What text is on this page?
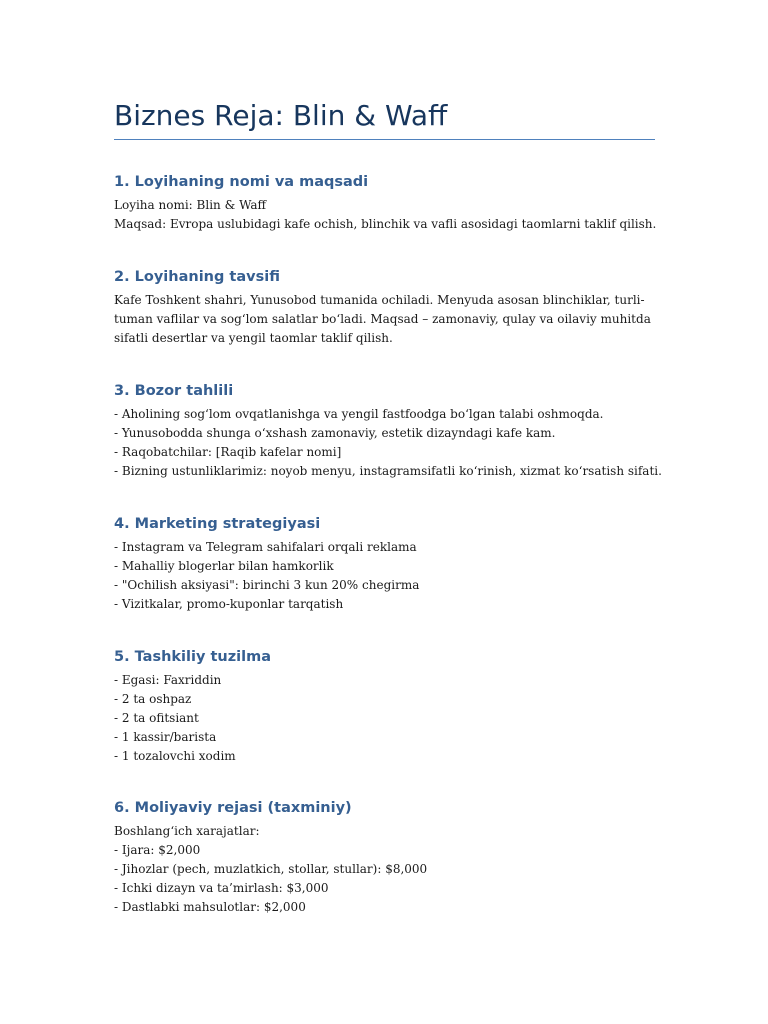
Biznes Reja: Blin & Waff
1. Loyihaning nomi va maqsadi
Loyiha nomi: Blin & Waff
Maqsad: Evropa uslubidagi kafe ochish, blinchik va vafli asosidagi taomlarni taklif qilish.
2. Loyihaning tavsifi
Kafe Toshkent shahri, Yunusobod tumanida ochiladi. Menyuda asosan blinchiklar, turli-
tuman vaflilar va sog‘lom salatlar bo‘ladi. Maqsad – zamonaviy, qulay va oilaviy muhitda
sifatli desertlar va yengil taomlar taklif qilish.
3. Bozor tahlili
- Aholining sog‘lom ovqatlanishga va yengil fastfoodga bo‘lgan talabi oshmoqda.
- Yunusobodda shunga o‘xshash zamonaviy, estetik dizayndagi kafe kam.
- Raqobatchilar: [Raqib kafelar nomi]
- Bizning ustunliklarimiz: noyob menyu, instagramsifatli ko‘rinish, xizmat ko‘rsatish sifati.
4. Marketing strategiyasi
- Instagram va Telegram sahifalari orqali reklama
- Mahalliy blogerlar bilan hamkorlik
- "Ochilish aksiyasi": birinchi 3 kun 20% chegirma
- Vizitkalar, promo-kuponlar tarqatish
5. Tashkiliy tuzilma
- Egasi: Faxriddin
- 2 ta oshpaz
- 2 ta ofitsiant
- 1 kassir/barista
- 1 tozalovchi xodim
6. Moliyaviy rejasi (taxminiy)
Boshlang‘ich xarajatlar:
- Ijara: $2,000
- Jihozlar (pech, muzlatkich, stollar, stullar): $8,000
- Ichki dizayn va ta’mirlash: $3,000
- Dastlabki mahsulotlar: $2,000
